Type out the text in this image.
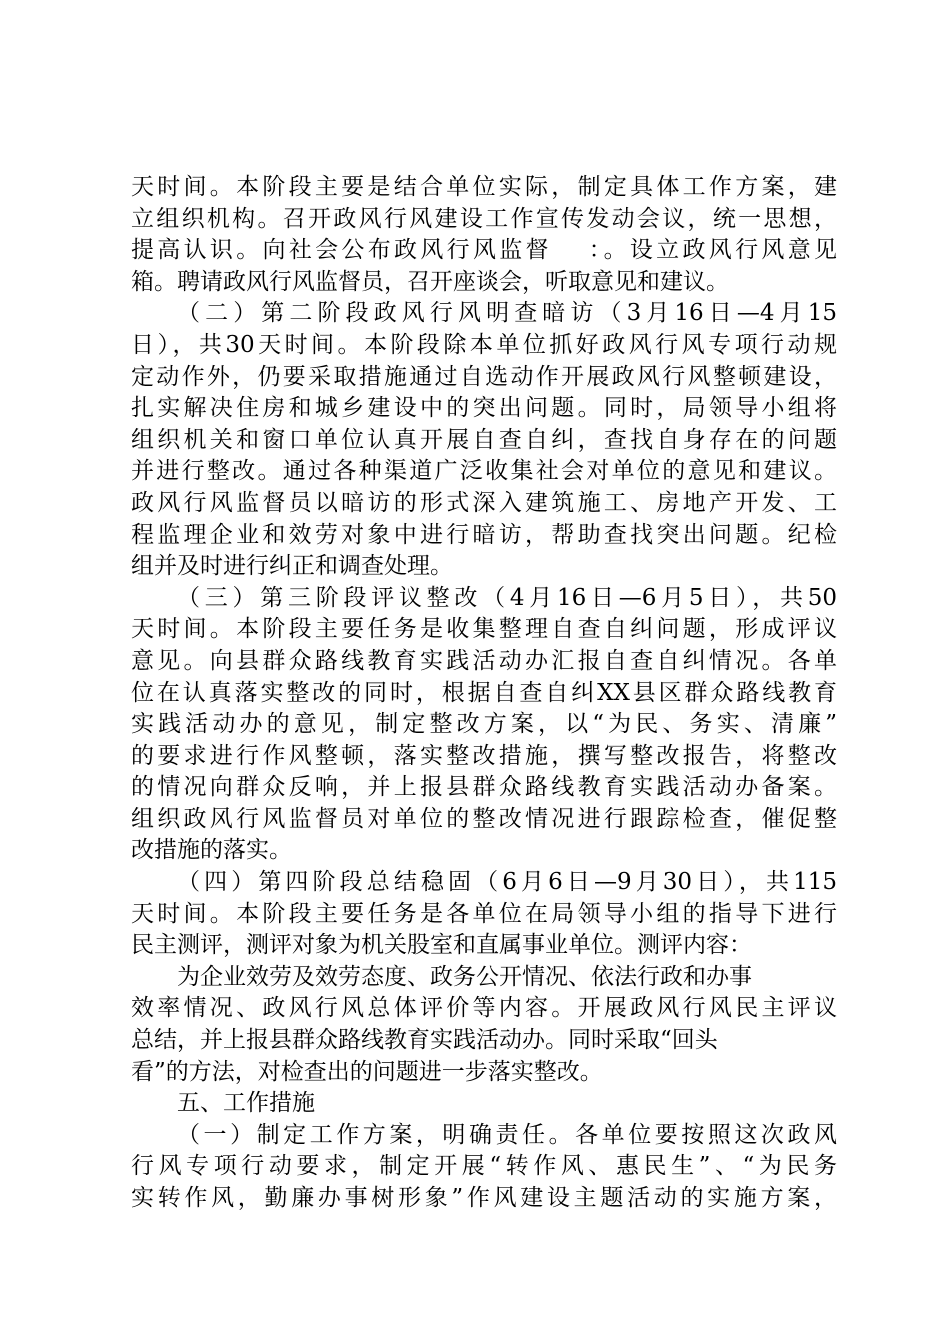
天时间。本阶段主要是结合单位实际，制定具体工作方案，建
立组织机构。召开政风行风建设工作宣传发动会议，统一思想，
提高认识。向社会公布政风行风监督　 ：。设立政风行风意见
箱。聘请政风行风监督员，召开座谈会，听取意见和建议。
（二）第二阶段政风行风明查暗访（3月16日—4月15
日），共30天时间。本阶段除本单位抓好政风行风专项行动规
定动作外，仍要采取措施通过自选动作开展政风行风整顿建设，
扎实解决住房和城乡建设中的突出问题。同时，局领导小组将
组织机关和窗口单位认真开展自查自纠，查找自身存在的问题
并进行整改。通过各种渠道广泛收集社会对单位的意见和建议。
政风行风监督员以暗访的形式深入建筑施工、房地产开发、工
程监理企业和效劳对象中进行暗访，帮助查找突出问题。纪检
组并及时进行纠正和调查处理。
（三）第三阶段评议整改（4月16日—6月5日），共50
天时间。本阶段主要任务是收集整理自查自纠问题，形成评议
意见。向县群众路线教育实践活动办汇报自查自纠情况。各单
位在认真落实整改的同时，根据自查自纠XX县区群众路线教育
实践活动办的意见，制定整改方案，以“为民、务实、清廉”
的要求进行作风整顿，落实整改措施，撰写整改报告，将整改
的情况向群众反响，并上报县群众路线教育实践活动办备案。
组织政风行风监督员对单位的整改情况进行跟踪检查，催促整
改措施的落实。
（四）第四阶段总结稳固（6月6日—9月30日），共115
天时间。本阶段主要任务是各单位在局领导小组的指导下进行
民主测评，测评对象为机关股室和直属事业单位。测评内容：
为企业效劳及效劳态度、政务公开情况、依法行政和办事
效率情况、政风行风总体评价等内容。开展政风行风民主评议
总结，并上报县群众路线教育实践活动办。同时采取“回头
看”的方法，对检查出的问题进一步落实整改。
五、工作措施
（一）制定工作方案，明确责任。各单位要按照这次政风
行风专项行动要求，制定开展“转作风、惠民生”、“为民务
实转作风，勤廉办事树形象”作风建设主题活动的实施方案，
